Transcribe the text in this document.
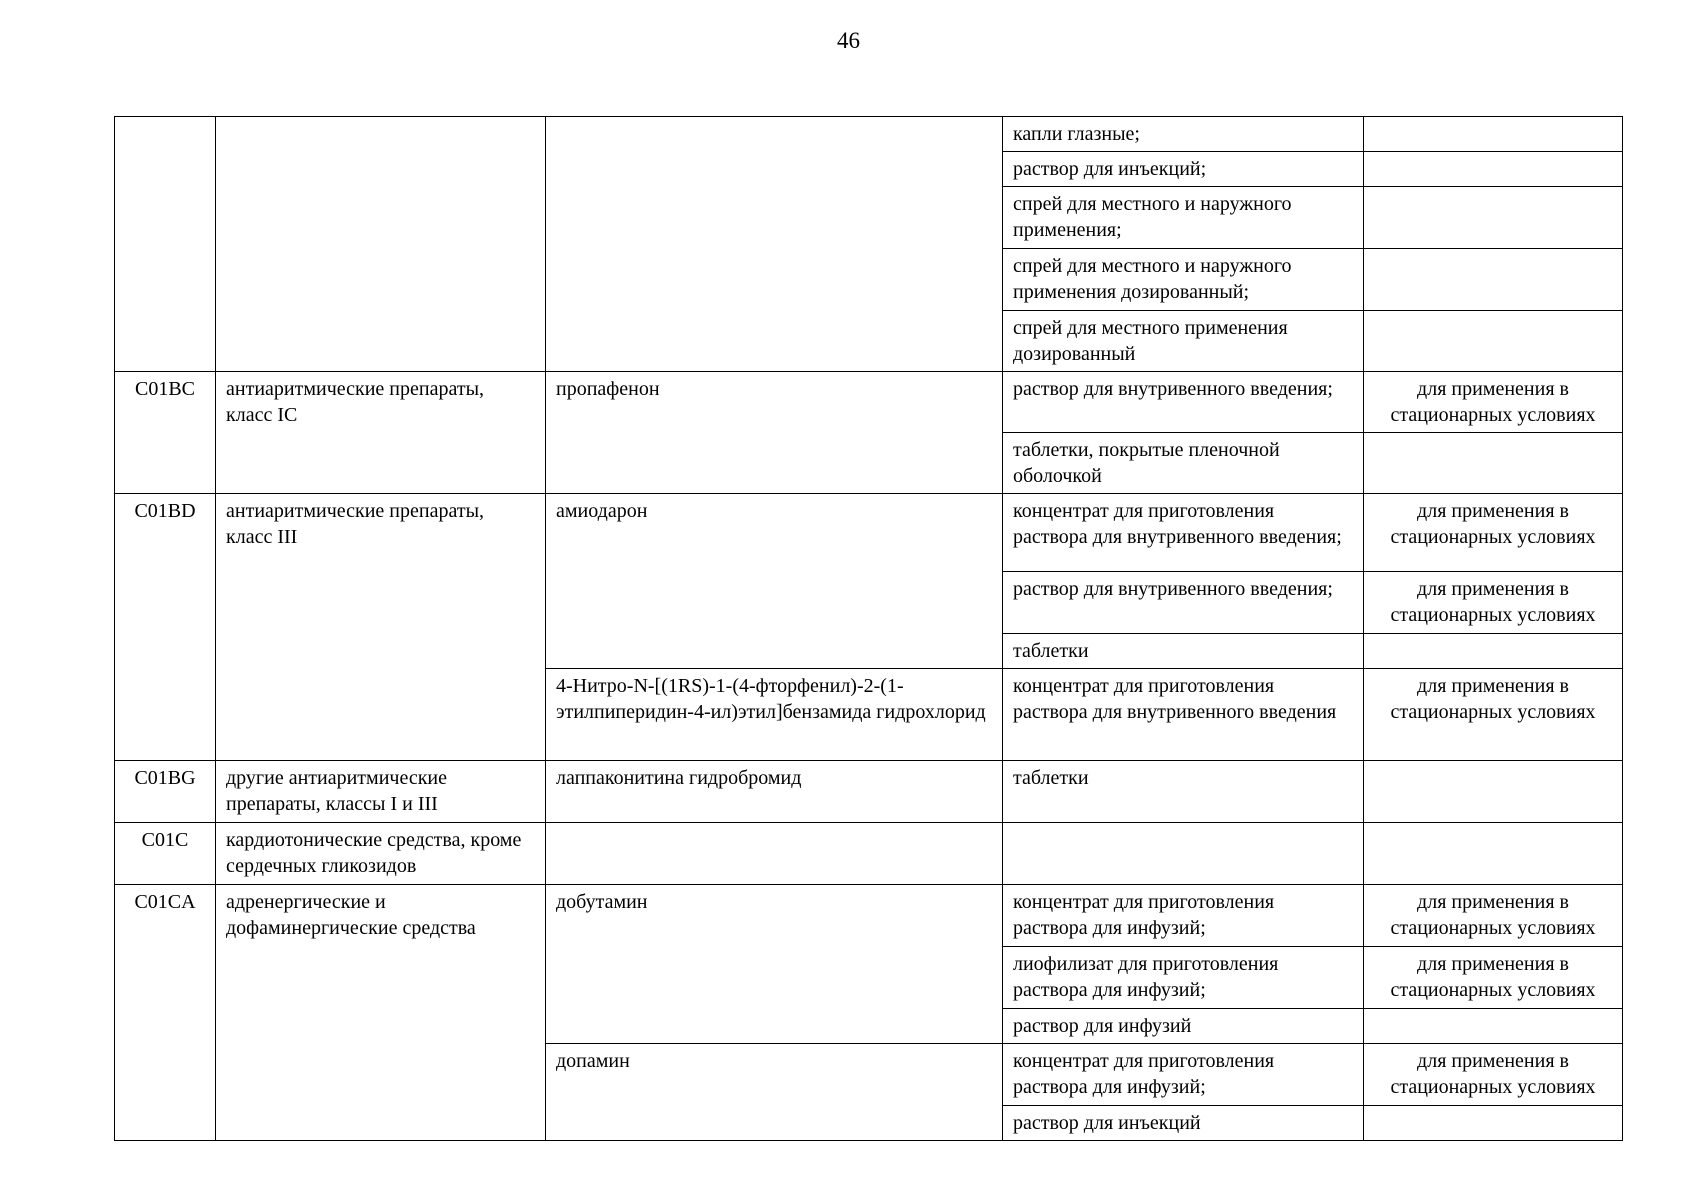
46
			капли глазные;	
			раствор для инъекций;	
			спрей для местного и наружного применения;	
			спрей для местного и наружного применения дозированный;	
			спрей для местного применения дозированный	
C01BC	антиаритмические препараты, класс IС	пропафенон	раствор для внутривенного введения;	для применения в стационарных условиях
			таблетки, покрытые пленочной оболочкой	
C01BD	антиаритмические препараты, класс III	амиодарон	концентрат для приготовления раствора для внутривенного введения;	для применения в стационарных условиях
			раствор для внутривенного введения;	для применения в стационарных условиях
			таблетки	
		4-Нитро-N-[(1RS)-1-(4-фторфенил)-2-(1-этилпиперидин-4-ил)этил]бензамида гидрохлорид	концентрат для приготовления раствора для внутривенного введения	для применения в стационарных условиях
C01BG	другие антиаритмические препараты, классы I и III	лаппаконитина гидробромид	таблетки	
C01C	кардиотонические средства, кроме сердечных гликозидов			
C01CA	адренергические и дофаминергические средства	добутамин	концентрат для приготовления раствора для инфузий;	для применения в стационарных условиях
			лиофилизат для приготовления раствора для инфузий;	для применения в стационарных условиях
			раствор для инфузий	
		допамин	концентрат для приготовления раствора для инфузий;	для применения в стационарных условиях
			раствор для инъекций	
